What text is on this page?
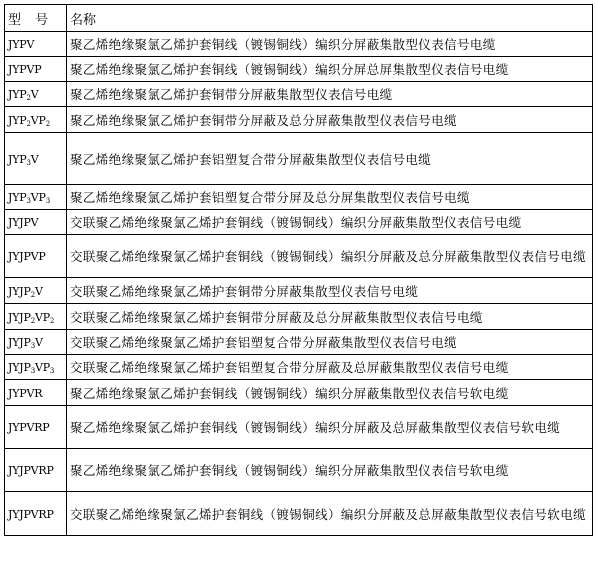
型 号	名称
JYPV	聚乙烯绝缘聚氯乙烯护套铜线（镀锡铜线）编织分屏蔽集散型仪表信号电缆
JYPVP	聚乙烯绝缘聚氯乙烯护套铜线（镀锡铜线）编织分屏总屏集散型仪表信号电缆
$JYP_2V$	聚乙烯绝缘聚氯乙烯护套铜带分屏蔽集散型仪表信号电缆
$JYP_2VP_2$	聚乙烯绝缘聚氯乙烯护套铜带分屏蔽及总分屏蔽集散型仪表信号电缆
$JYP_3V$	聚乙烯绝缘聚氯乙烯护套铝塑复合带分屏蔽集散型仪表信号电缆
$JYP_3VP_3$	聚乙烯绝缘聚氯乙烯护套铝塑复合带分屏及总分屏集散型仪表信号电缆
JYJPV	交联聚乙烯绝缘聚氯乙烯护套铜线（镀锡铜线）编织分屏蔽集散型仪表信号电缆
JYJPVP	交联聚乙烯绝缘聚氯乙烯护套铜线（镀锡铜线）编织分屏蔽及总分屏蔽集散型仪表信号电缆
$JYJP_2V$	交联聚乙烯绝缘聚氯乙烯护套铜带分屏蔽集散型仪表信号电缆
$JYJP_2VP_2$	交联聚乙烯绝缘聚氯乙烯护套铜带分屏蔽及总分屏蔽集散型仪表信号电缆
$JYJP_3V$	交联聚乙烯绝缘聚氯乙烯护套铝塑复合带分屏蔽集散型仪表信号电缆
$JYJP_3VP_3$	交联聚乙烯绝缘聚氯乙烯护套铝塑复合带分屏蔽及总屏蔽集散型仪表信号电缆
JYPVR	聚乙烯绝缘聚氯乙烯护套铜线（镀锡铜线）编织分屏蔽集散型仪表信号软电缆
JYPVRP	聚乙烯绝缘聚氯乙烯护套铜线（镀锡铜线）编织分屏蔽及总屏蔽集散型仪表信号软电缆
JYJPVRP	聚乙烯绝缘聚氯乙烯护套铜线（镀锡铜线）编织分屏蔽集散型仪表信号软电缆
JYJPVRP	交联聚乙烯绝缘聚氯乙烯护套铜线（镀锡铜线）编织分屏蔽及总屏蔽集散型仪表信号软电缆
